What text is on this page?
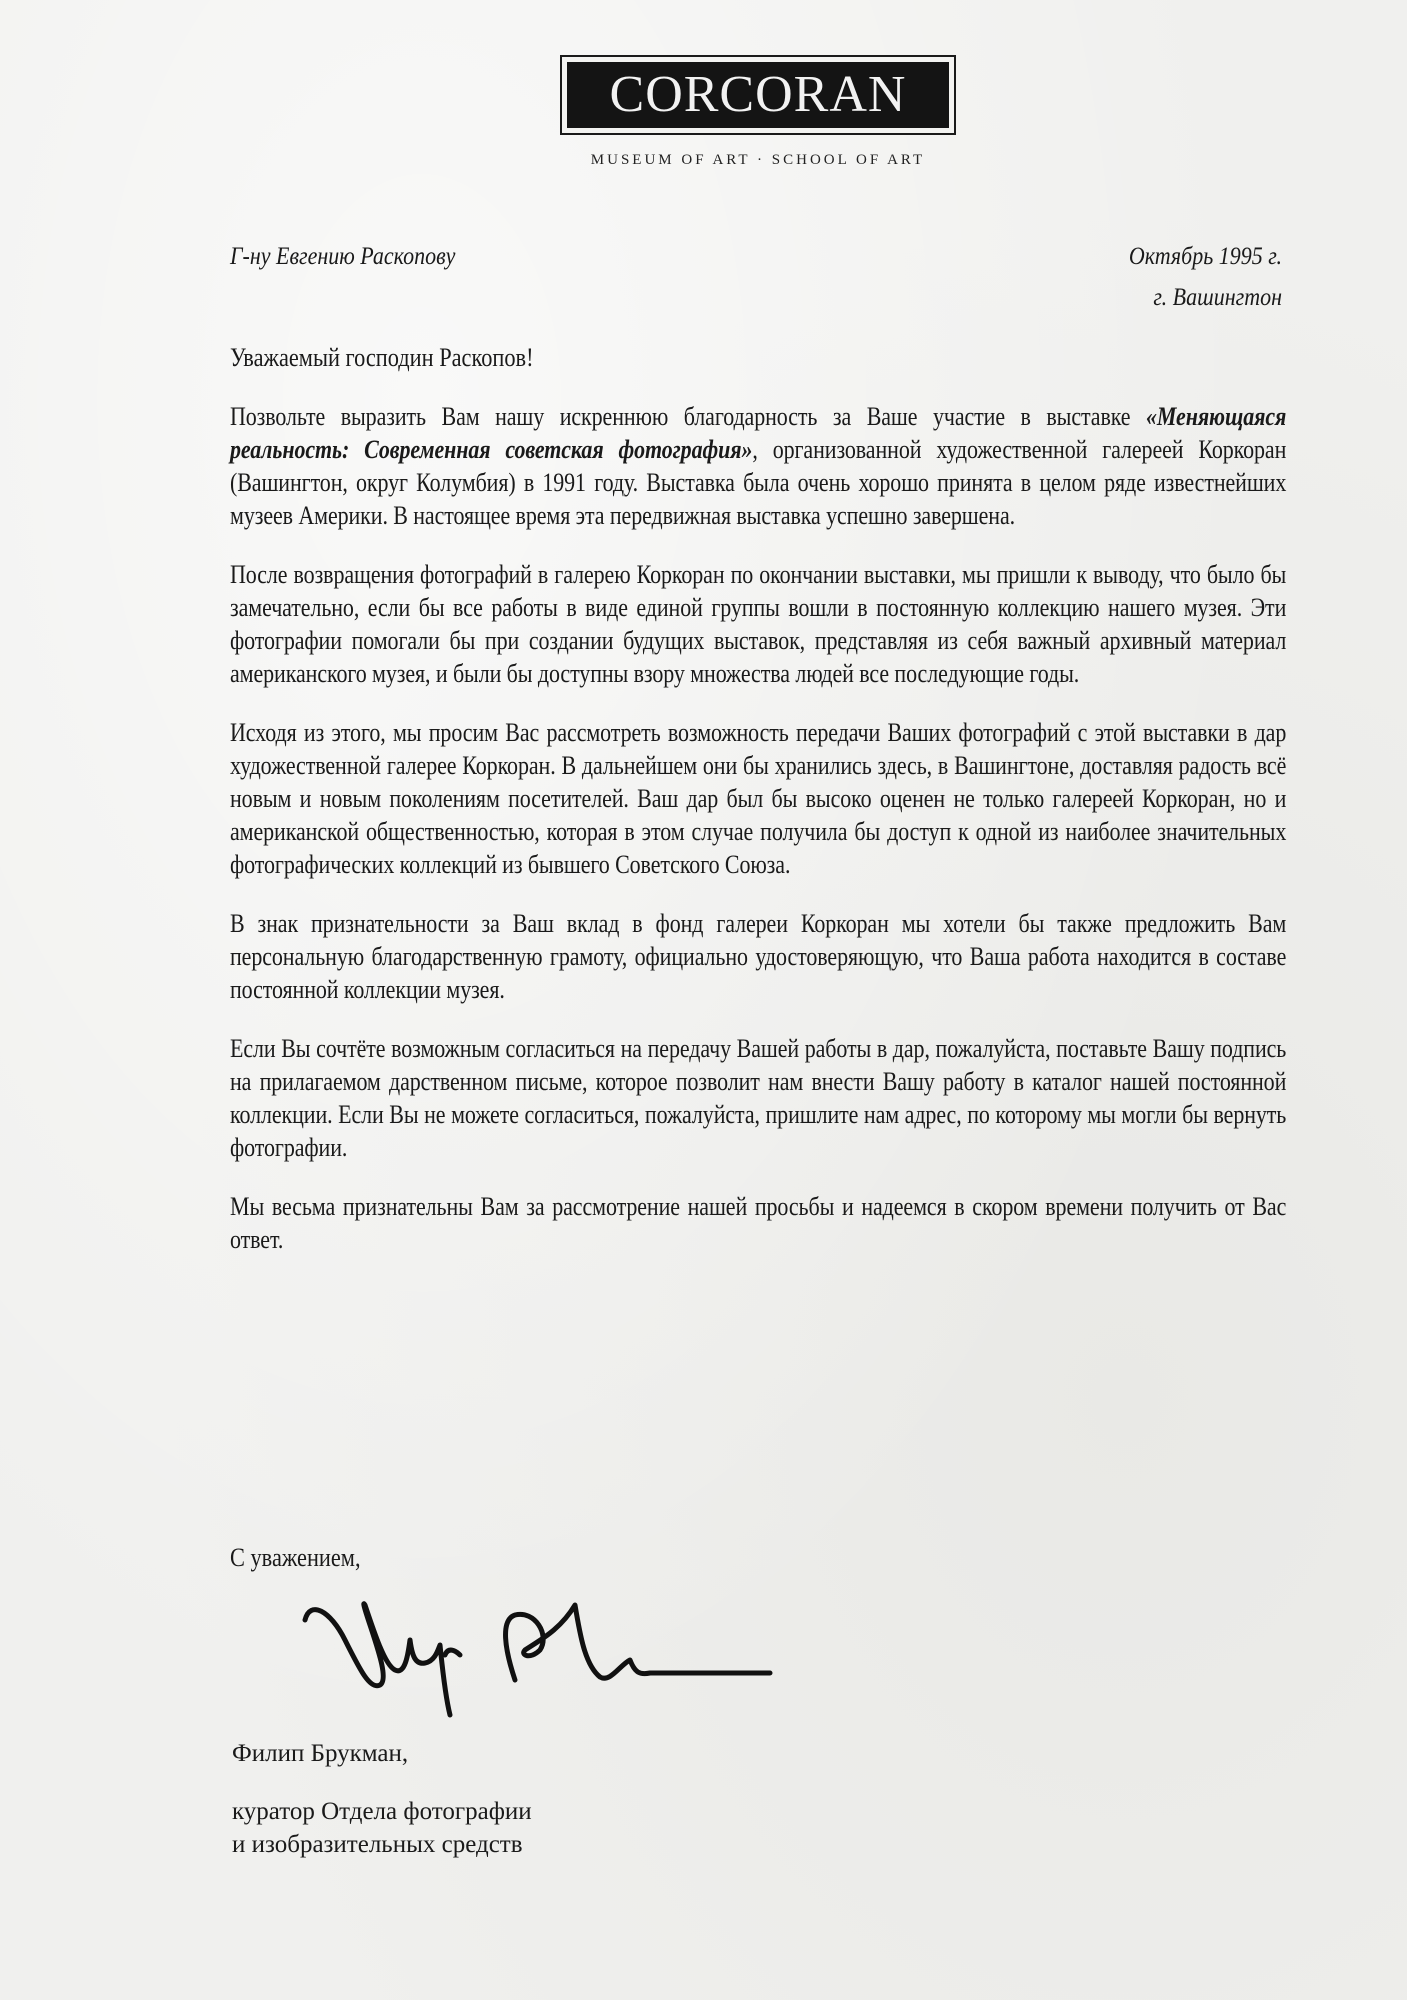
CORCORAN
MUSEUM OF ART · SCHOOL OF ART
Г-ну Евгению Раскопову	Октябрь 1995 г.
г. Вашингтон
Уважаемый господин Раскопов!

Позвольте выразить Вам нашу искреннюю благодарность за Ваше участие в выставке «Меняющаяся реальность: Современная советская фотография», организованной художественной галереей Коркоран (Вашингтон, округ Колумбия) в 1991 году. Выставка была очень хорошо принята в целом ряде известнейших музеев Америки. В настоящее время эта передвижная выставка успешно завершена.

После возвращения фотографий в галерею Коркоран по окончании выставки, мы пришли к выводу, что было бы замечательно, если бы все работы в виде единой группы вошли в постоянную коллекцию нашего музея. Эти фотографии помогали бы при создании будущих выставок, представляя из себя важный архивный материал американского музея, и были бы доступны взору множества людей все последующие годы.

Исходя из этого, мы просим Вас рассмотреть возможность передачи Ваших фотографий с этой выставки в дар художественной галерее Коркоран. В дальнейшем они бы хранились здесь, в Вашингтоне, доставляя радость всё новым и новым поколениям посетителей. Ваш дар был бы высоко оценен не только галереей Коркоран, но и американской общественностью, которая в этом случае получила бы доступ к одной из наиболее значительных фотографических коллекций из бывшего Советского Союза.

В знак признательности за Ваш вклад в фонд галереи Коркоран мы хотели бы также предложить Вам персональную благодарственную грамоту, официально удостоверяющую, что Ваша работа находится в составе постоянной коллекции музея.

Если Вы сочтёте возможным согласиться на передачу Вашей работы в дар, пожалуйста, поставьте Вашу подпись на прилагаемом дарственном письме, которое позволит нам внести Вашу работу в каталог нашей постоянной коллекции. Если Вы не можете согласиться, пожалуйста, пришлите нам адрес, по которому мы могли бы вернуть фотографии.

Мы весьма признательны Вам за рассмотрение нашей просьбы и надеемся в скором времени получить от Вас ответ.

С уважением,
Филип Брукман,
куратор Отдела фотографии
и изобразительных средств
